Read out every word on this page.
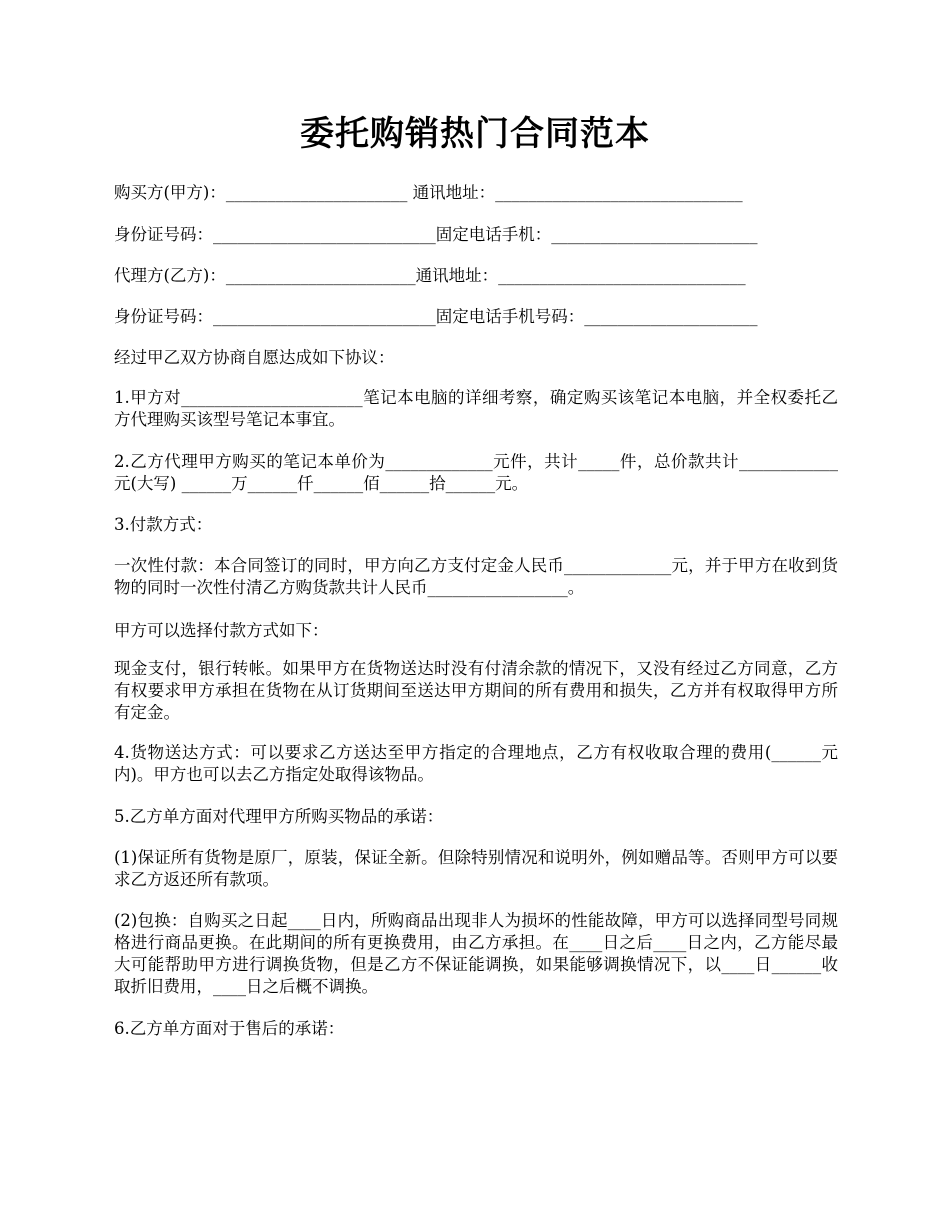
委托购销热门合同范本

购买方(甲方)：______________________ 通讯地址：______________________________

身份证号码：___________________________固定电话手机：_________________________

代理方(乙方)：_______________________通讯地址：______________________________

身份证号码：___________________________固定电话手机号码：_____________________

经过甲乙双方协商自愿达成如下协议：

1.甲方对______________________笔记本电脑的详细考察，确定购买该笔记本电脑，并全权委托乙方代理购买该型号笔记本事宜。

2.乙方代理甲方购买的笔记本单价为_____________元件，共计_____件，总价款共计____________元(大写) ______万______仟______佰______拾______元。

3.付款方式：

一次性付款：本合同签订的同时，甲方向乙方支付定金人民币_____________元，并于甲方在收到货物的同时一次性付清乙方购货款共计人民币_________________。

甲方可以选择付款方式如下：

现金支付，银行转帐。如果甲方在货物送达时没有付清余款的情况下，又没有经过乙方同意，乙方有权要求甲方承担在货物在从订货期间至送达甲方期间的所有费用和损失，乙方并有权取得甲方所有定金。

4.货物送达方式：可以要求乙方送达至甲方指定的合理地点，乙方有权收取合理的费用(______元内)。甲方也可以去乙方指定处取得该物品。

5.乙方单方面对代理甲方所购买物品的承诺：

(1)保证所有货物是原厂，原装，保证全新。但除特别情况和说明外，例如赠品等。否则甲方可以要求乙方返还所有款项。

(2)包换：自购买之日起____日内，所购商品出现非人为损坏的性能故障，甲方可以选择同型号同规格进行商品更换。在此期间的所有更换费用，由乙方承担。在____日之后____日之内，乙方能尽最大可能帮助甲方进行调换货物，但是乙方不保证能调换，如果能够调换情况下，以____日______收取折旧费用，____日之后概不调换。

6.乙方单方面对于售后的承诺：
